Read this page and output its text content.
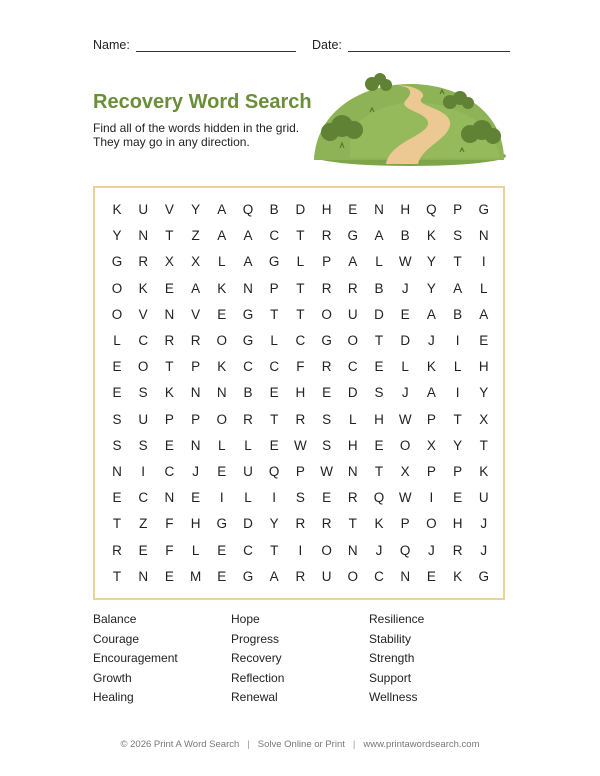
Name:	Date:
Recovery Word Search
Find all of the words hidden in the grid.
They may go in any direction.
K	U	V	Y	A	Q	B	D	H	E	N	H	Q	P	G
Y	N	T	Z	A	A	C	T	R	G	A	B	K	S	N
G	R	X	X	L	A	G	L	P	A	L	W	Y	T	I
O	K	E	A	K	N	P	T	R	R	B	J	Y	A	L
O	V	N	V	E	G	T	T	O	U	D	E	A	B	A
L	C	R	R	O	G	L	C	G	O	T	D	J	I	E
E	O	T	P	K	C	C	F	R	C	E	L	K	L	H
E	S	K	N	N	B	E	H	E	D	S	J	A	I	Y
S	U	P	P	O	R	T	R	S	L	H	W	P	T	X
S	S	E	N	L	L	E	W	S	H	E	O	X	Y	T
N	I	C	J	E	U	Q	P	W	N	T	X	P	P	K
E	C	N	E	I	L	I	S	E	R	Q	W	I	E	U
T	Z	F	H	G	D	Y	R	R	T	K	P	O	H	J
R	E	F	L	E	C	T	I	O	N	J	Q	J	R	J
T	N	E	M	E	G	A	R	U	O	C	N	E	K	G
Balance
Courage
Encouragement
Growth
Healing
Hope
Progress
Recovery
Reflection
Renewal
Resilience
Stability
Strength
Support
Wellness
© 2026 Print A Word Search | Solve Online or Print | www.printawordsearch.com
